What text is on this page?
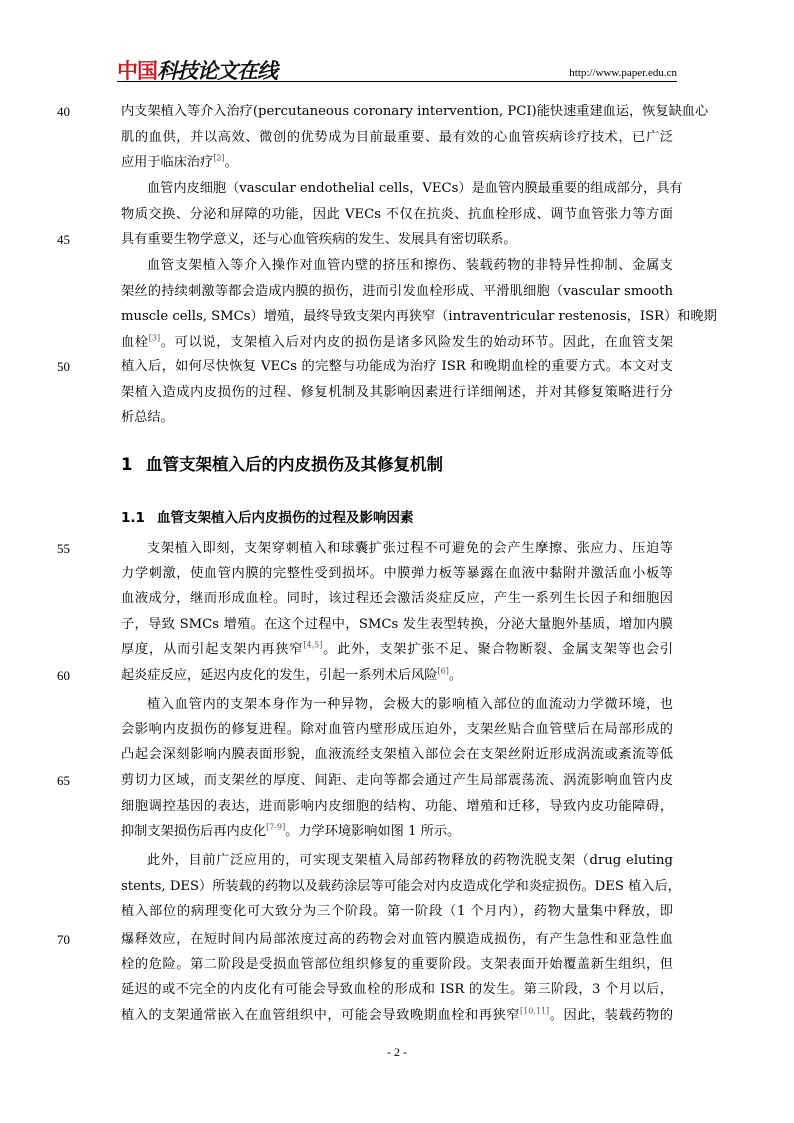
中国 科技论文在线	http://www.paper.edu.cn
40
45
50
55
60
65
70
内支架植入等介入治疗(percutaneous coronary intervention, PCI)能快速重建血运，恢复缺血心
肌的血供，并以高效、微创的优势成为目前最重要、最有效的心血管疾病诊疗技术，已广泛
应用于临床治疗[2]。
血管内皮细胞（vascular endothelial cells，VECs）是血管内膜最重要的组成部分，具有
物质交换、分泌和屏障的功能，因此 VECs 不仅在抗炎、抗血栓形成、调节血管张力等方面
具有重要生物学意义，还与心血管疾病的发生、发展具有密切联系。
血管支架植入等介入操作对血管内壁的挤压和擦伤、装载药物的非特异性抑制、金属支
架丝的持续刺激等都会造成内膜的损伤，进而引发血栓形成、平滑肌细胞（vascular smooth
muscle cells, SMCs）增殖，最终导致支架内再狭窄（intraventricular restenosis，ISR）和晚期
血栓[3]。可以说，支架植入后对内皮的损伤是诸多风险发生的始动环节。因此，在血管支架
植入后，如何尽快恢复 VECs 的完整与功能成为治疗 ISR 和晚期血栓的重要方式。本文对支
架植入造成内皮损伤的过程、修复机制及其影响因素进行详细阐述，并对其修复策略进行分
析总结。
1 血管支架植入后的内皮损伤及其修复机制
1.1 血管支架植入后内皮损伤的过程及影响因素
支架植入即刻，支架穿刺植入和球囊扩张过程不可避免的会产生摩擦、张应力、压迫等
力学刺激，使血管内膜的完整性受到损坏。中膜弹力板等暴露在血液中黏附并激活血小板等
血液成分，继而形成血栓。同时，该过程还会激活炎症反应，产生一系列生长因子和细胞因
子，导致 SMCs 增殖。在这个过程中，SMCs 发生表型转换，分泌大量胞外基质，增加内膜
厚度，从而引起支架内再狭窄[4,5]。此外，支架扩张不足、聚合物断裂、金属支架等也会引
起炎症反应，延迟内皮化的发生，引起一系列术后风险[6]。
植入血管内的支架本身作为一种异物，会极大的影响植入部位的血流动力学微环境，也
会影响内皮损伤的修复进程。除对血管内壁形成压迫外，支架丝贴合血管壁后在局部形成的
凸起会深刻影响内膜表面形貌，血液流经支架植入部位会在支架丝附近形成涡流或紊流等低
剪切力区域，而支架丝的厚度、间距、走向等都会通过产生局部震荡流、涡流影响血管内皮
细胞调控基因的表达，进而影响内皮细胞的结构、功能、增殖和迁移，导致内皮功能障碍，
抑制支架损伤后再内皮化[7-9]。力学环境影响如图 1 所示。
此外，目前广泛应用的，可实现支架植入局部药物释放的药物洗脱支架（drug eluting
stents, DES）所装载的药物以及载药涂层等可能会对内皮造成化学和炎症损伤。DES 植入后，
植入部位的病理变化可大致分为三个阶段。第一阶段（1 个月内），药物大量集中释放，即
爆释效应，在短时间内局部浓度过高的药物会对血管内膜造成损伤，有产生急性和亚急性血
栓的危险。第二阶段是受损血管部位组织修复的重要阶段。支架表面开始覆盖新生组织，但
延迟的或不完全的内皮化有可能会导致血栓的形成和 ISR 的发生。第三阶段，3 个月以后，
植入的支架通常嵌入在血管组织中，可能会导致晚期血栓和再狭窄[10,11]。因此，装载药物的
- 2 -
